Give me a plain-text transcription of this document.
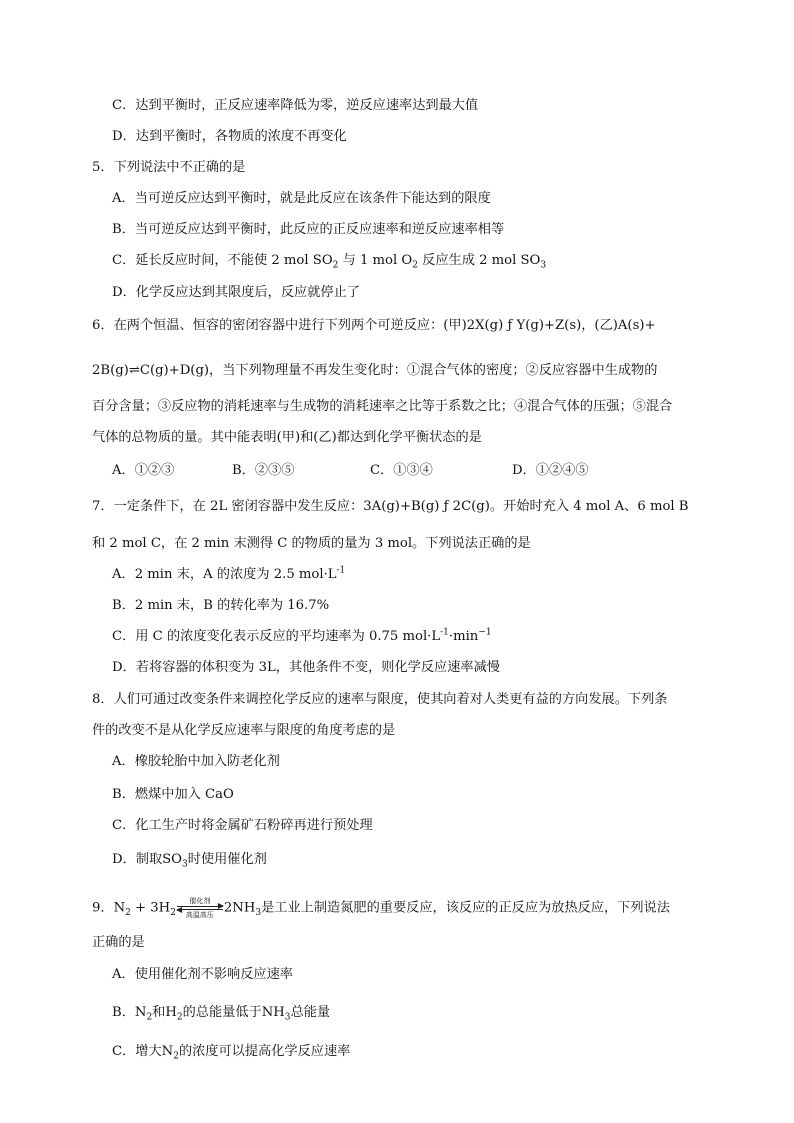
C．达到平衡时，正反应速率降低为零，逆反应速率达到最大值
D．达到平衡时，各物质的浓度不再变化
5．下列说法中不正确的是
A．当可逆反应达到平衡时，就是此反应在该条件下能达到的限度
B．当可逆反应达到平衡时，此反应的正反应速率和逆反应速率相等
C．延长反应时间，不能使 2 mol $SO_2$ 与 1 mol $O_2$ 反应生成 2 mol $SO_3$
D．化学反应达到其限度后，反应就停止了
6．在两个恒温、恒容的密闭容器中进行下列两个可逆反应：(甲)2X(g) ƒ Y(g)+Z(s)，(乙)A(s)+
2B(g)⇌C(g)+D(g)，当下列物理量不再发生变化时：①混合气体的密度；②反应容器中生成物的
百分含量；③反应物的消耗速率与生成物的消耗速率之比等于系数之比；④混合气体的压强；⑤混合
气体的总物质的量。其中能表明(甲)和(乙)都达到化学平衡状态的是
A．①②③	B．②③⑤	C．①③④	D．①②④⑤
7．一定条件下，在 2L 密闭容器中发生反应：3A(g)+B(g) ƒ 2C(g)。开始时充入 4 mol A、6 mol B
和 2 mol C，在 2 min 末测得 C 的物质的量为 3 mol。下列说法正确的是
A．2 min 末，A 的浓度为 2.5 $mol\cdot L^{-1}$
B．2 min 末，B 的转化率为 16.7%
C．用 C 的浓度变化表示反应的平均速率为 0.75 $mol\cdot L^{-1}\cdot\min^{-1}$
D．若将容器的体积变为 3L，其他条件不变，则化学反应速率减慢
8．人们可通过改变条件来调控化学反应的速率与限度，使其向着对人类更有益的方向发展。下列条
件的改变不是从化学反应速率与限度的角度考虑的是
A．橡胶轮胎中加入防老化剂
B．燃煤中加入 CaO
C．化工生产时将金属矿石粉碎再进行预处理
D．制取$SO_3$时使用催化剂
9．$N_2 + 3H_2$
催化剂
高温高压 $2NH_3$是工业上制造氮肥的重要反应，该反应的正反应为放热反应，下列说法
正确的是
A．使用催化剂不影响反应速率
B．$N_2$和$H_2$的总能量低于$NH_3$总能量
C．增大$N_2$的浓度可以提高化学反应速率
